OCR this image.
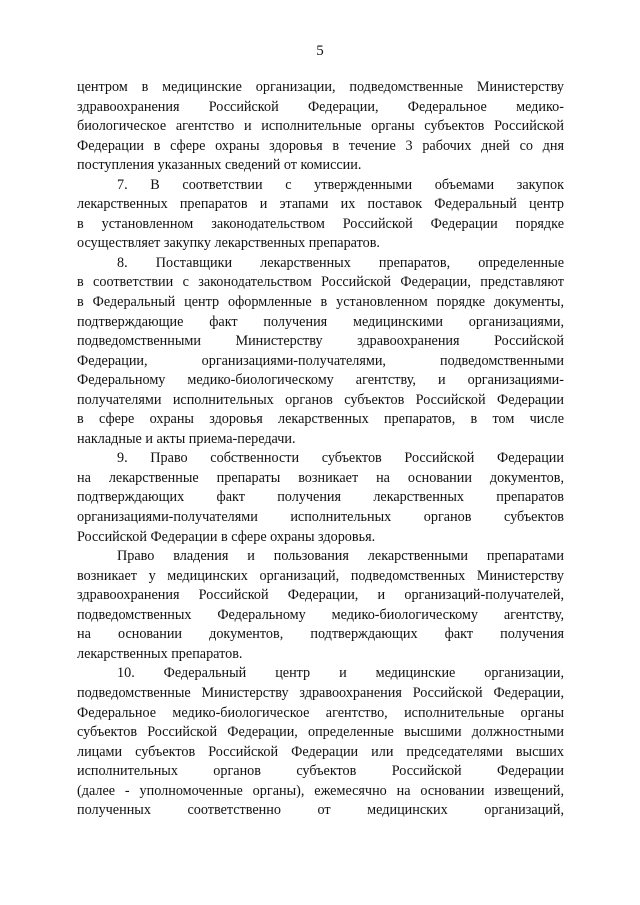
5
центром в медицинские организации, подведомственные Министерству
здравоохранения Российской Федерации, Федеральное медико-
биологическое агентство и исполнительные органы субъектов Российской
Федерации в сфере охраны здоровья в течение 3 рабочих дней со дня
поступления указанных сведений от комиссии.
7. В соответствии с утвержденными объемами закупок
лекарственных препаратов и этапами их поставок Федеральный центр
в установленном законодательством Российской Федерации порядке
осуществляет закупку лекарственных препаратов.
8. Поставщики лекарственных препаратов, определенные
в соответствии с законодательством Российской Федерации, представляют
в Федеральный центр оформленные в установленном порядке документы,
подтверждающие факт получения медицинскими организациями,
подведомственными Министерству здравоохранения Российской
Федерации, организациями-получателями, подведомственными
Федеральному медико-биологическому агентству, и организациями-
получателями исполнительных органов субъектов Российской Федерации
в сфере охраны здоровья лекарственных препаратов, в том числе
накладные и акты приема-передачи.
9. Право собственности субъектов Российской Федерации
на лекарственные препараты возникает на основании документов,
подтверждающих факт получения лекарственных препаратов
организациями-получателями исполнительных органов субъектов
Российской Федерации в сфере охраны здоровья.
Право владения и пользования лекарственными препаратами
возникает у медицинских организаций, подведомственных Министерству
здравоохранения Российской Федерации, и организаций-получателей,
подведомственных Федеральному медико-биологическому агентству,
на основании документов, подтверждающих факт получения
лекарственных препаратов.
10. Федеральный центр и медицинские организации,
подведомственные Министерству здравоохранения Российской Федерации,
Федеральное медико-биологическое агентство, исполнительные органы
субъектов Российской Федерации, определенные высшими должностными
лицами субъектов Российской Федерации или председателями высших
исполнительных органов субъектов Российской Федерации
(далее - уполномоченные органы), ежемесячно на основании извещений,
полученных соответственно от медицинских организаций,
